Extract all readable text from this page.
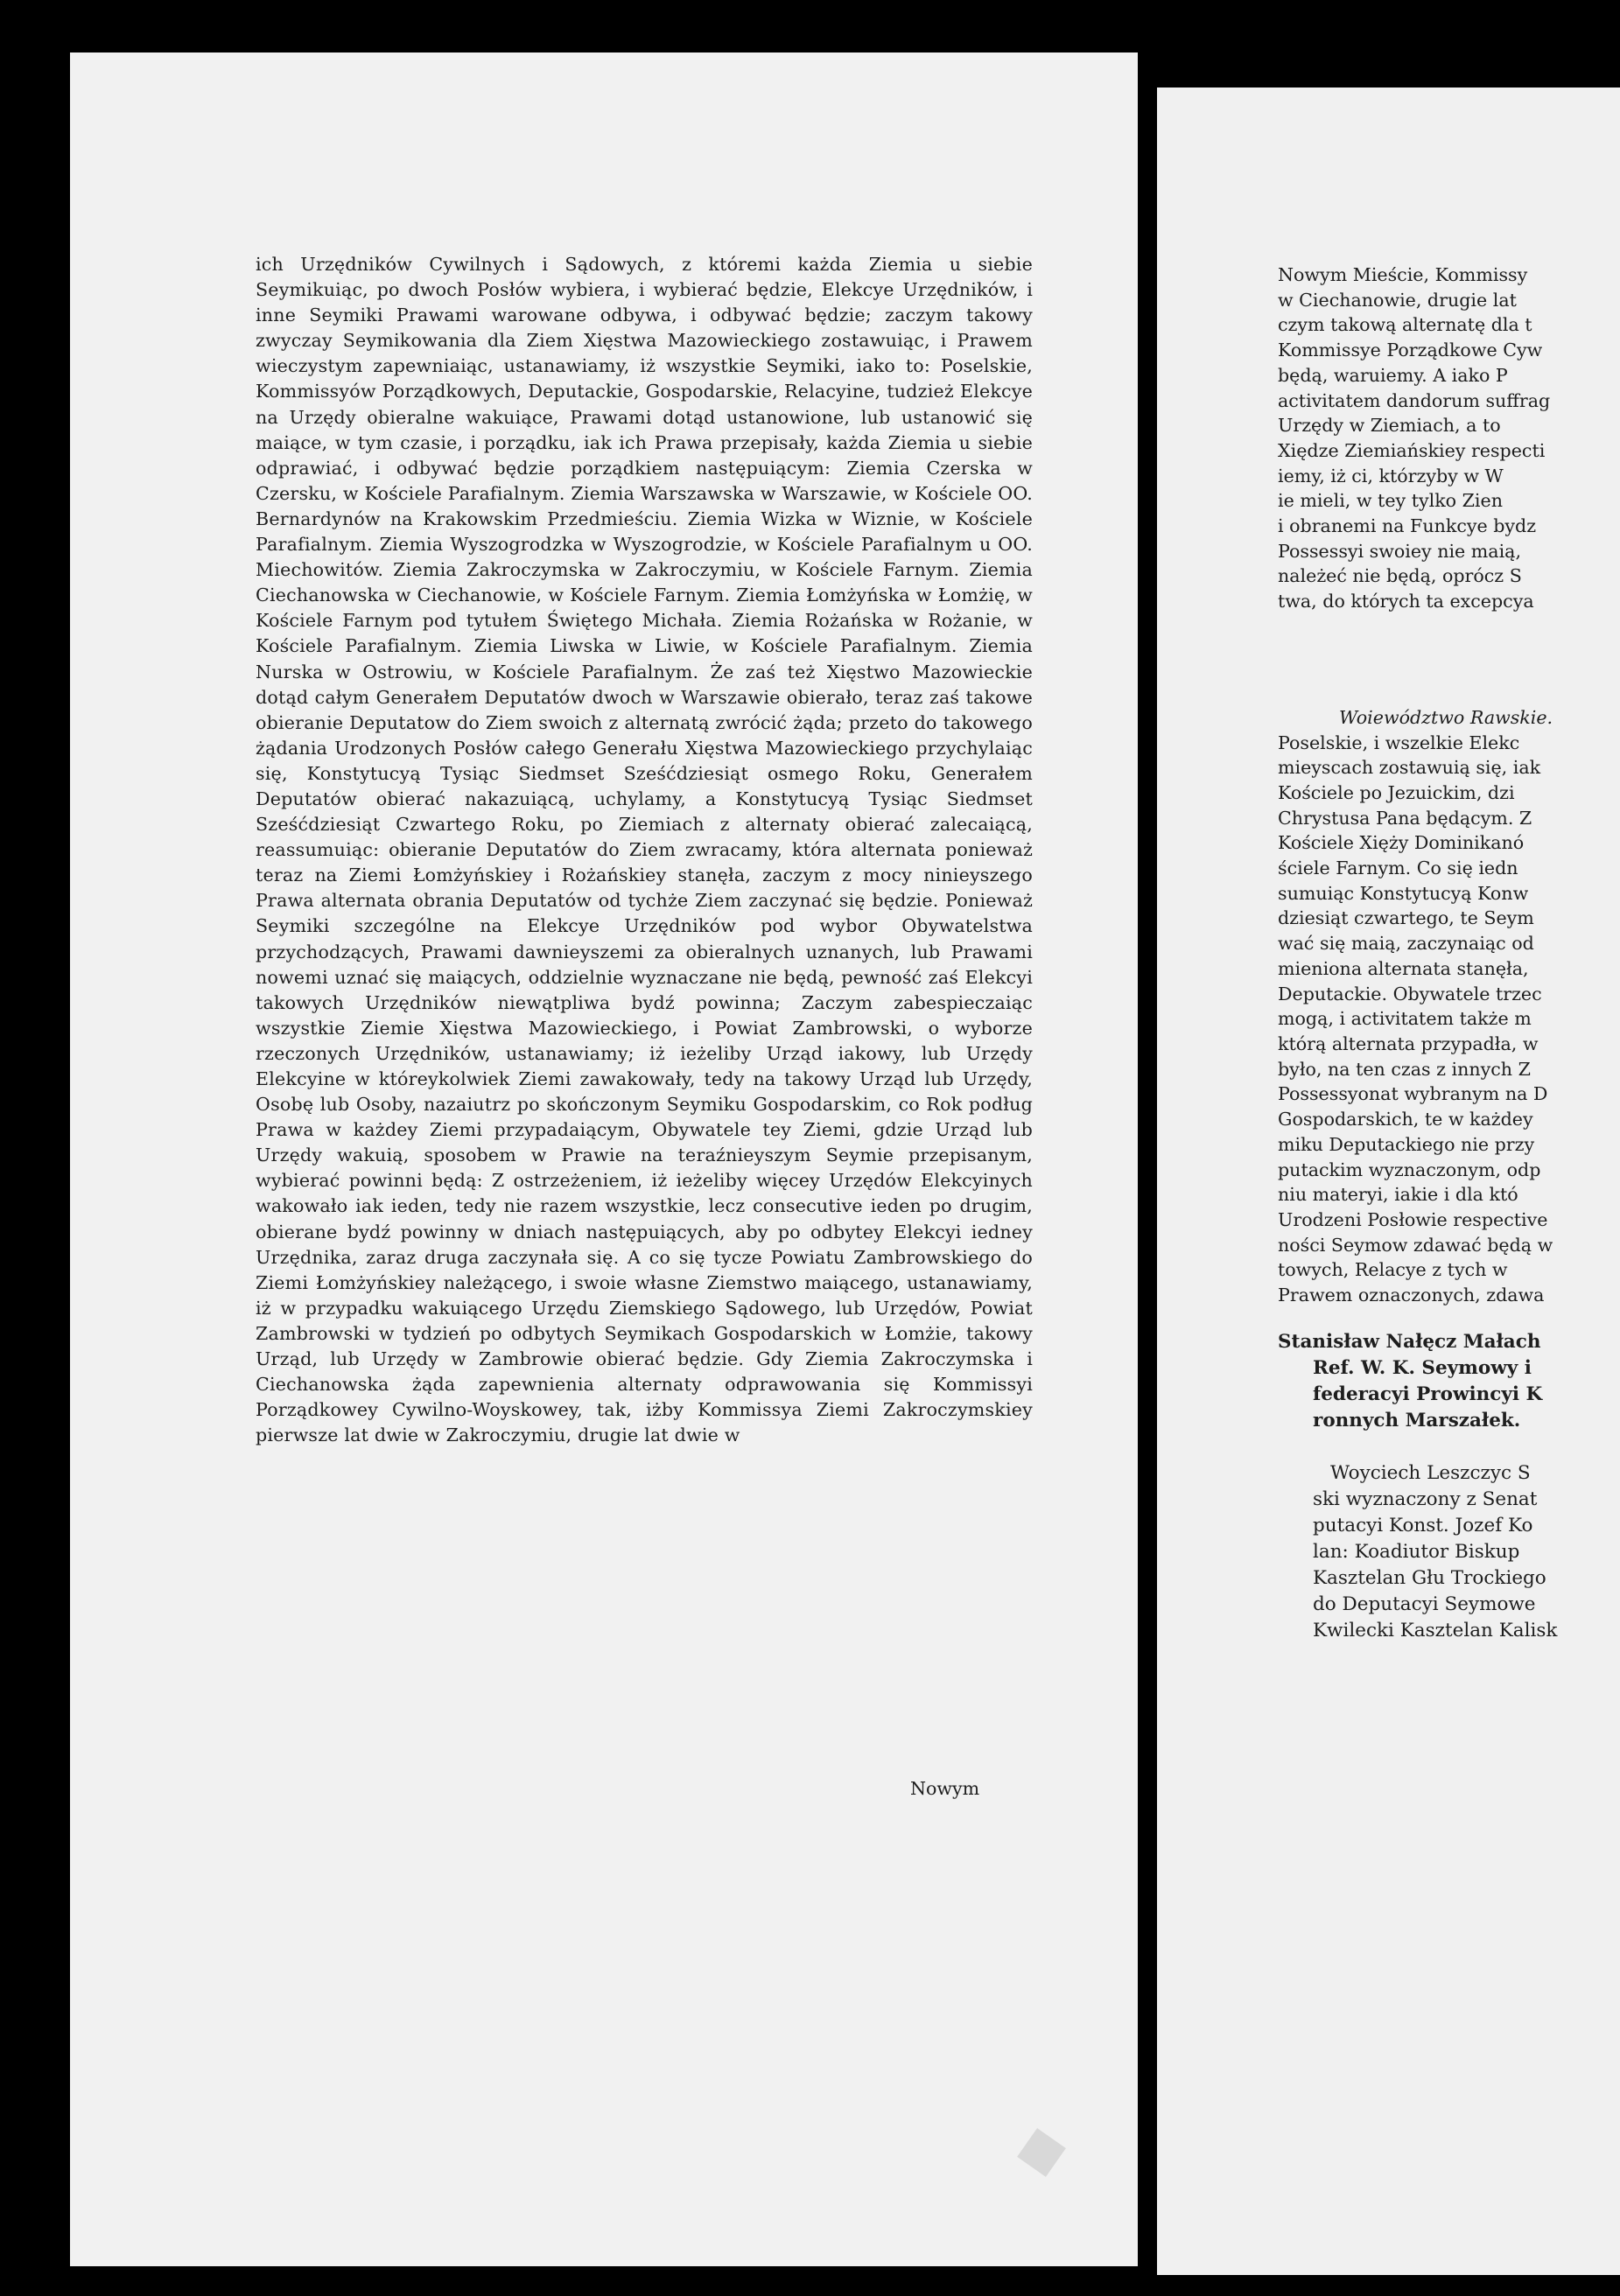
Nowym Mieście, Kommissy
w Ciechanowie, drugie lat
czym takową alternatę dla t
Kommissye Porządkowe Cyw
będą, waruiemy. A iako P
activitatem dandorum suffrag
Urzędy w Ziemiach, a to
Xiędze Ziemiańskiey respecti
iemy, iż ci, którzyby w W
ie mieli, w tey tylko Zien
i obranemi na Funkcye bydz
Possessyi swoiey nie maią,
należeć nie będą, oprócz S
twa, do których ta excepcya
Woiewództwo Rawskie.
Poselskie, i wszelkie Elekc
mieyscach zostawuią się, iak
Kościele po Jezuickim, dzi
Chrystusa Pana będącym. Z
Kościele Xięży Dominikanó
ściele Farnym. Co się iedn
sumuiąc Konstytucyą Konw
dziesiąt czwartego, te Seym
wać się maią, zaczynaiąc od
mieniona alternata stanęła,
Deputackie. Obywatele trzec
mogą, i activitatem także m
którą alternata przypadła, w
było, na ten czas z innych Z
Possessyonat wybranym na D
Gospodarskich, te w każdey
miku Deputackiego nie przy
putackim wyznaczonym, odp
niu materyi, iakie i dla któ
Urodzeni Posłowie respective
ności Seymow zdawać będą w
towych, Relacye z tych w
Prawem oznaczonych, zdawa
Stanisław Nałęcz Małach
Ref. W. K. Seymowy i
federacyi Prowincyi K
ronnych Marszałek.
Woyciech Leszczyc S
ski wyznaczony z Senat
putacyi Konst. Jozef Ko
lan: Koadiutor Biskup
Kasztelan Głu Trockiego
do Deputacyi Seymowe
Kwilecki Kasztelan Kalisk

ich Urzędników Cywilnych i Sądowych, z któremi każda Ziemia u siebie Seymikuiąc, po dwoch Posłów wybiera, i wybierać będzie, Elekcye Urzędników, i inne Seymiki Prawami warowane odbywa, i odbywać będzie; zaczym takowy zwyczay Seymikowania dla Ziem Xięstwa Mazowieckiego zostawuiąc, i Prawem wieczystym zapewniaiąc, ustanawiamy, iż wszystkie Seymiki, iako to: Poselskie, Kommissyów Porządkowych, Deputackie, Gospodarskie, Relacyine, tudzież Elekcye na Urzędy obieralne wakuiące, Prawami dotąd ustanowione, lub ustanowić się maiące, w tym czasie, i porządku, iak ich Prawa przepisały, każda Ziemia u siebie odprawiać, i odbywać będzie porządkiem następuiącym: Ziemia Czerska w Czersku, w Kościele Parafialnym. Ziemia Warszawska w Warszawie, w Kościele OO. Bernardynów na Krakowskim Przedmieściu. Ziemia Wizka w Wiznie, w Kościele Parafialnym. Ziemia Wyszogrodzka w Wyszogrodzie, w Kościele Parafialnym u OO. Miechowitów. Ziemia Zakroczymska w Zakroczymiu, w Kościele Farnym. Ziemia Ciechanowska w Ciechanowie, w Kościele Farnym. Ziemia Łomżyńska w Łomżię, w Kościele Farnym pod tytułem Świętego Michała. Ziemia Rożańska w Rożanie, w Kościele Parafialnym. Ziemia Liwska w Liwie, w Kościele Parafialnym. Ziemia Nurska w Ostrowiu, w Kościele Parafialnym. Że zaś też Xięstwo Mazowieckie dotąd całym Generałem Deputatów dwoch w Warszawie obierało, teraz zaś takowe obieranie Deputatow do Ziem swoich z alternatą zwrócić żąda; przeto do takowego żądania Urodzonych Posłów całego Generału Xięstwa Mazowieckiego przychylaiąc się, Konstytucyą Tysiąc Siedmset Sześćdziesiąt osmego Roku, Generałem Deputatów obierać nakazuiącą, uchylamy, a Konstytucyą Tysiąc Siedmset Sześćdziesiąt Czwartego Roku, po Ziemiach z alternaty obierać zalecaiącą, reassumuiąc: obieranie Deputatów do Ziem zwracamy, która alternata ponieważ teraz na Ziemi Łomżyńskiey i Rożańskiey stanęła, zaczym z mocy ninieyszego Prawa alternata obrania Deputatów od tychże Ziem zaczynać się będzie. Ponieważ Seymiki szczególne na Elekcye Urzędników pod wybor Obywatelstwa przychodzących, Prawami dawnieyszemi za obieralnych uznanych, lub Prawami nowemi uznać się maiących, oddzielnie wyznaczane nie będą, pewność zaś Elekcyi takowych Urzędników niewątpliwa bydź powinna; Zaczym zabespieczaiąc wszystkie Ziemie Xięstwa Mazowieckiego, i Powiat Zambrowski, o wyborze rzeczonych Urzędników, ustanawiamy; iż ieżeliby Urząd iakowy, lub Urzędy Elekcyine w któreykolwiek Ziemi zawakowały, tedy na takowy Urząd lub Urzędy, Osobę lub Osoby, nazaiutrz po skończonym Seymiku Gospodarskim, co Rok podług Prawa w każdey Ziemi przypadaiącym, Obywatele tey Ziemi, gdzie Urząd lub Urzędy wakuią, sposobem w Prawie na teraźnieyszym Seymie przepisanym, wybierać powinni będą: Z ostrzeżeniem, iż ieżeliby więcey Urzędów Elekcyinych wakowało iak ieden, tedy nie razem wszystkie, lecz consecutive ieden po drugim, obierane bydź powinny w dniach następuiących, aby po odbytey Elekcyi iedney Urzędnika, zaraz druga zaczynała się. A co się tycze Powiatu Zambrowskiego do Ziemi Łomżyńskiey należącego, i swoie własne Ziemstwo maiącego, ustanawiamy, iż w przypadku wakuiącego Urzędu Ziemskiego Sądowego, lub Urzędów, Powiat Zambrowski w tydzień po odbytych Seymikach Gospodarskich w Łomżie, takowy Urząd, lub Urzędy w Zambrowie obierać będzie. Gdy Ziemia Zakroczymska i Ciechanowska żąda zapewnienia alternaty odprawowania się Kommissyi Porządkowey Cywilno-Woyskowey, tak, iżby Kommissya Ziemi Zakroczymskiey pierwsze lat dwie w Zakroczymiu, drugie lat dwie w

Nowym
